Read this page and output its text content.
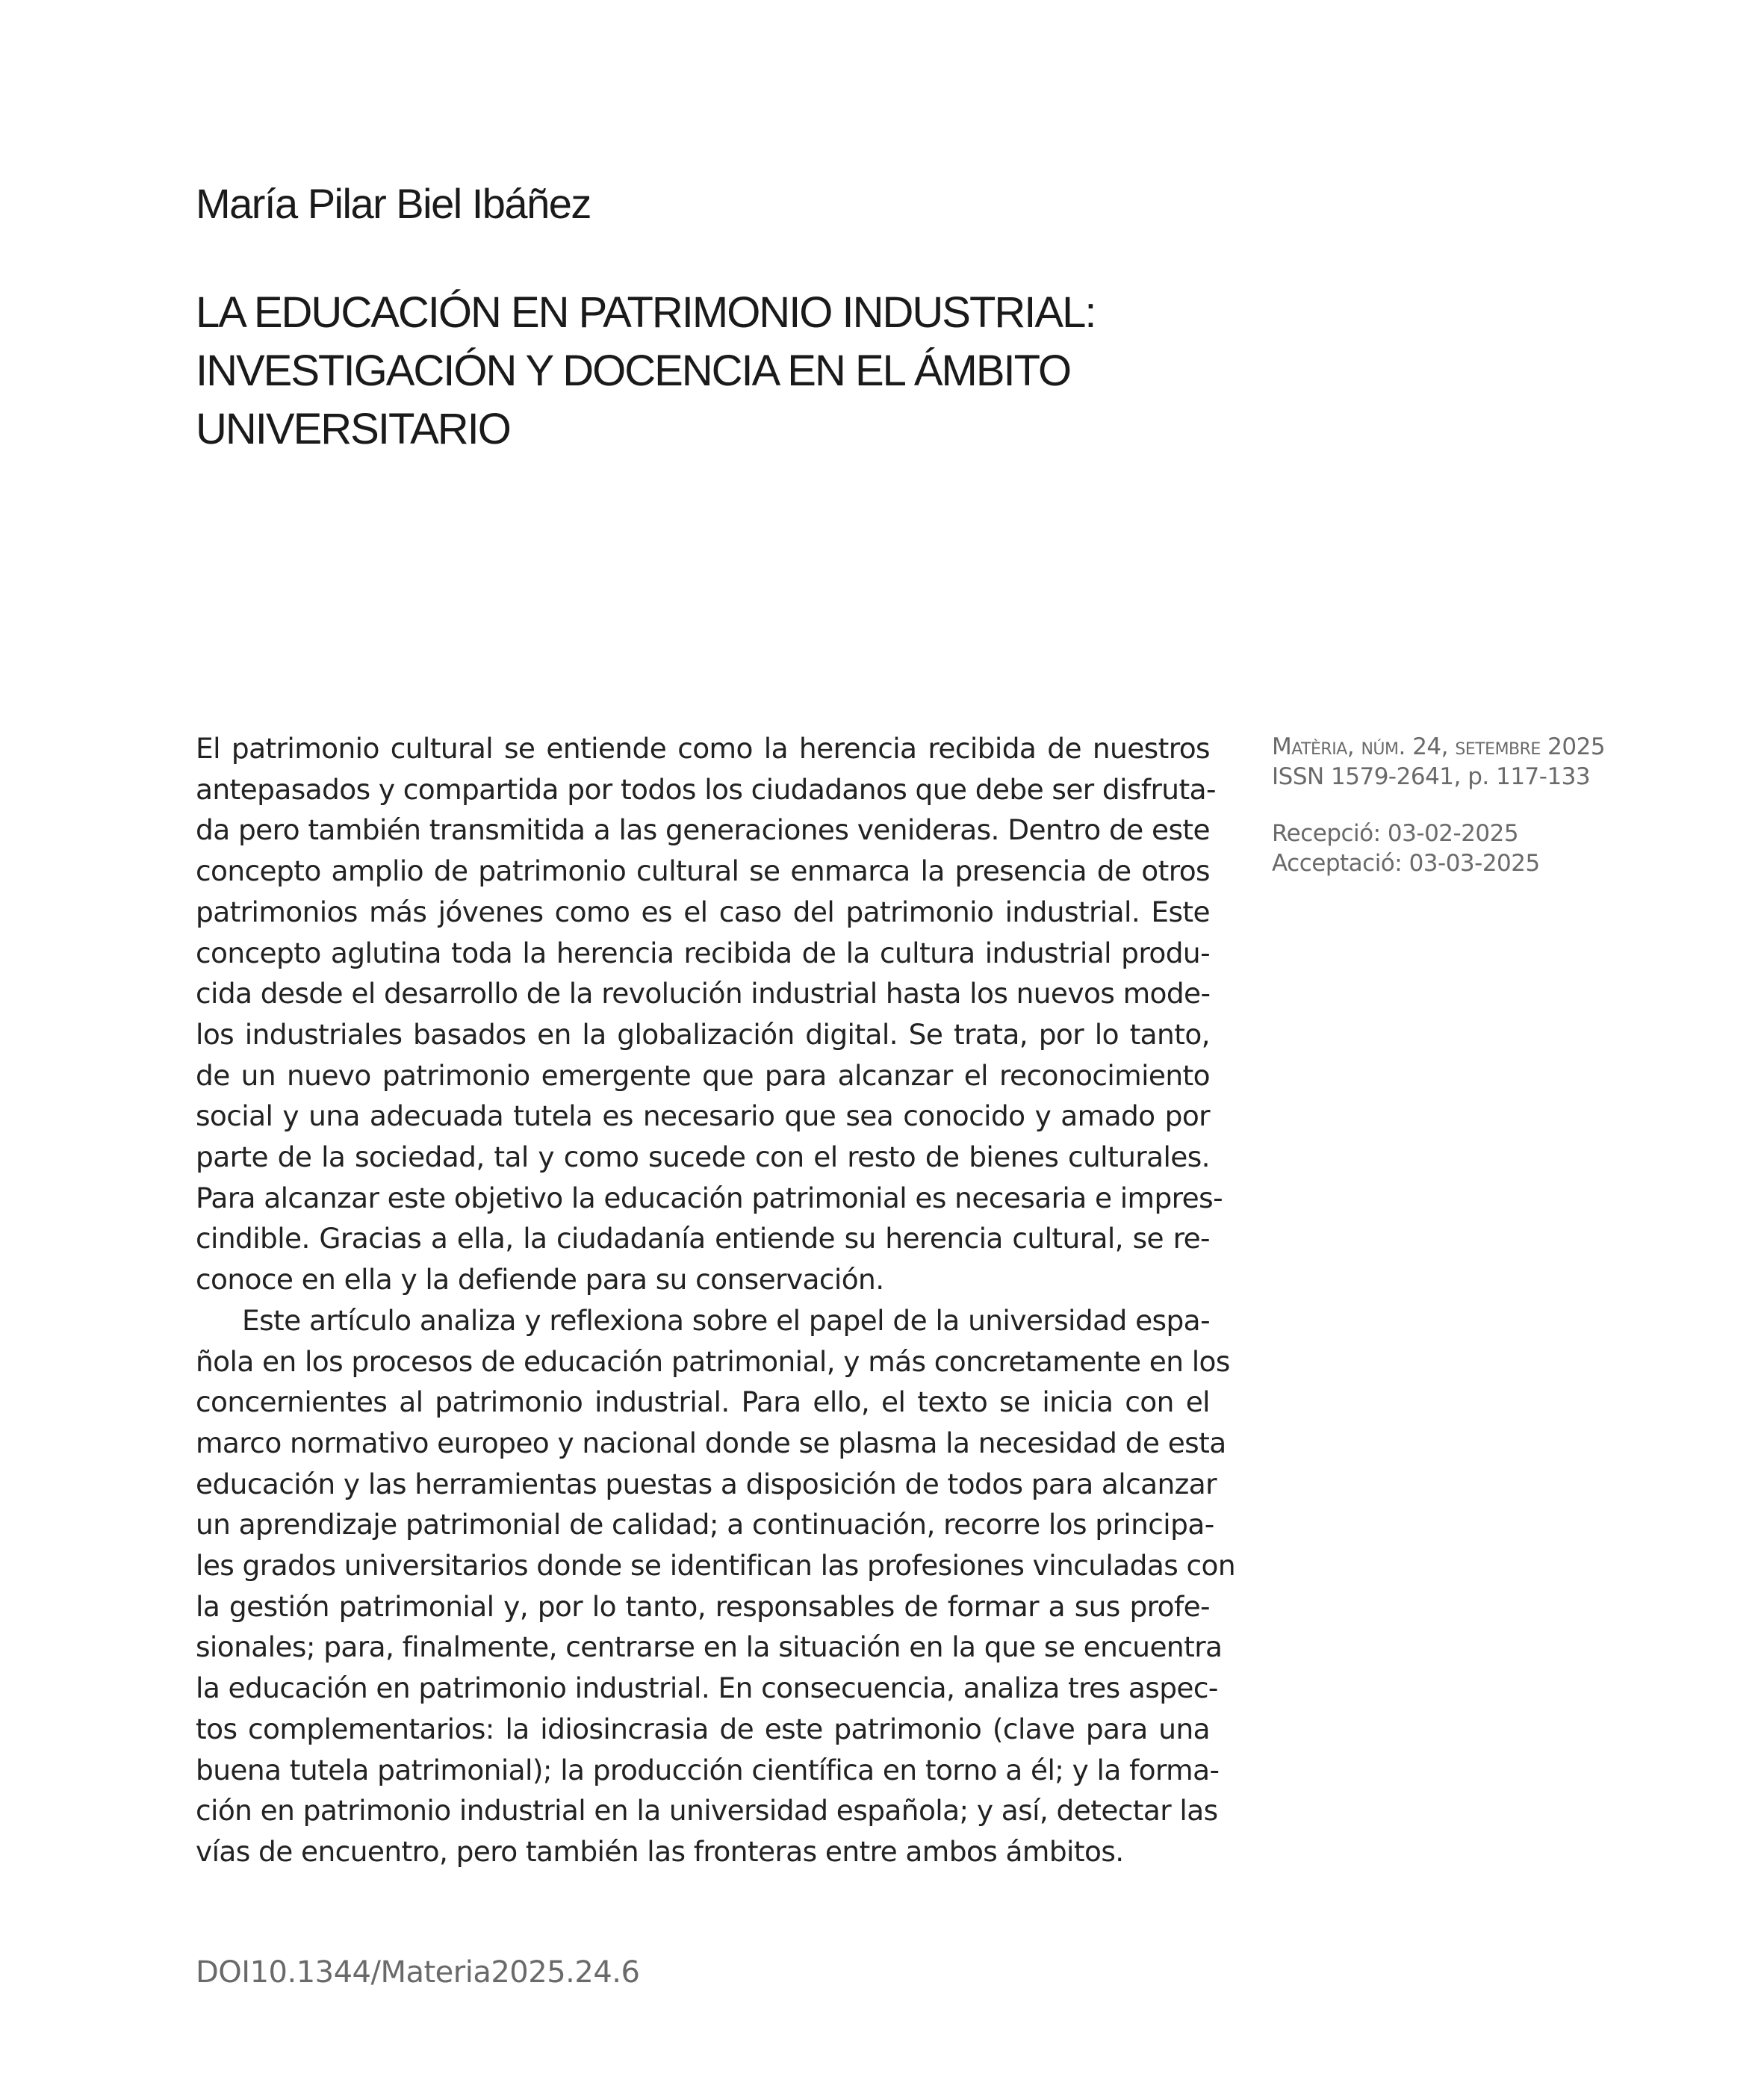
María Pilar Biel Ibáñez
LA EDUCACIÓN EN PATRIMONIO INDUSTRIAL:
INVESTIGACIÓN Y DOCENCIA EN EL ÁMBITO
UNIVERSITARIO
El patrimonio cultural se entiende como la herencia recibida de nuestros
antepasados y compartida por todos los ciudadanos que debe ser disfruta-
da pero también transmitida a las generaciones venideras. Dentro de este
concepto amplio de patrimonio cultural se enmarca la presencia de otros
patrimonios más jóvenes como es el caso del patrimonio industrial. Este
concepto aglutina toda la herencia recibida de la cultura industrial produ-
cida desde el desarrollo de la revolución industrial hasta los nuevos mode-
los industriales basados en la globalización digital. Se trata, por lo tanto,
de un nuevo patrimonio emergente que para alcanzar el reconocimiento
social y una adecuada tutela es necesario que sea conocido y amado por
parte de la sociedad, tal y como sucede con el resto de bienes culturales.
Para alcanzar este objetivo la educación patrimonial es necesaria e impres-
cindible. Gracias a ella, la ciudadanía entiende su herencia cultural, se re-
conoce en ella y la defiende para su conservación.
Este artículo analiza y reflexiona sobre el papel de la universidad espa-
ñola en los procesos de educación patrimonial, y más concretamente en los
concernientes al patrimonio industrial. Para ello, el texto se inicia con el
marco normativo europeo y nacional donde se plasma la necesidad de esta
educación y las herramientas puestas a disposición de todos para alcanzar
un aprendizaje patrimonial de calidad; a continuación, recorre los principa-
les grados universitarios donde se identifican las profesiones vinculadas con
la gestión patrimonial y, por lo tanto, responsables de formar a sus profe-
sionales; para, finalmente, centrarse en la situación en la que se encuentra
la educación en patrimonio industrial. En consecuencia, analiza tres aspec-
tos complementarios: la idiosincrasia de este patrimonio (clave para una
buena tutela patrimonial); la producción científica en torno a él; y la forma-
ción en patrimonio industrial en la universidad española; y así, detectar las
vías de encuentro, pero también las fronteras entre ambos ámbitos.
Matèria, núm. 24, setembre 2025
ISSN 1579-2641, p. 117-133
Recepció: 03-02-2025
Acceptació: 03-03-2025
DOI10.1344/Materia2025.24.6
